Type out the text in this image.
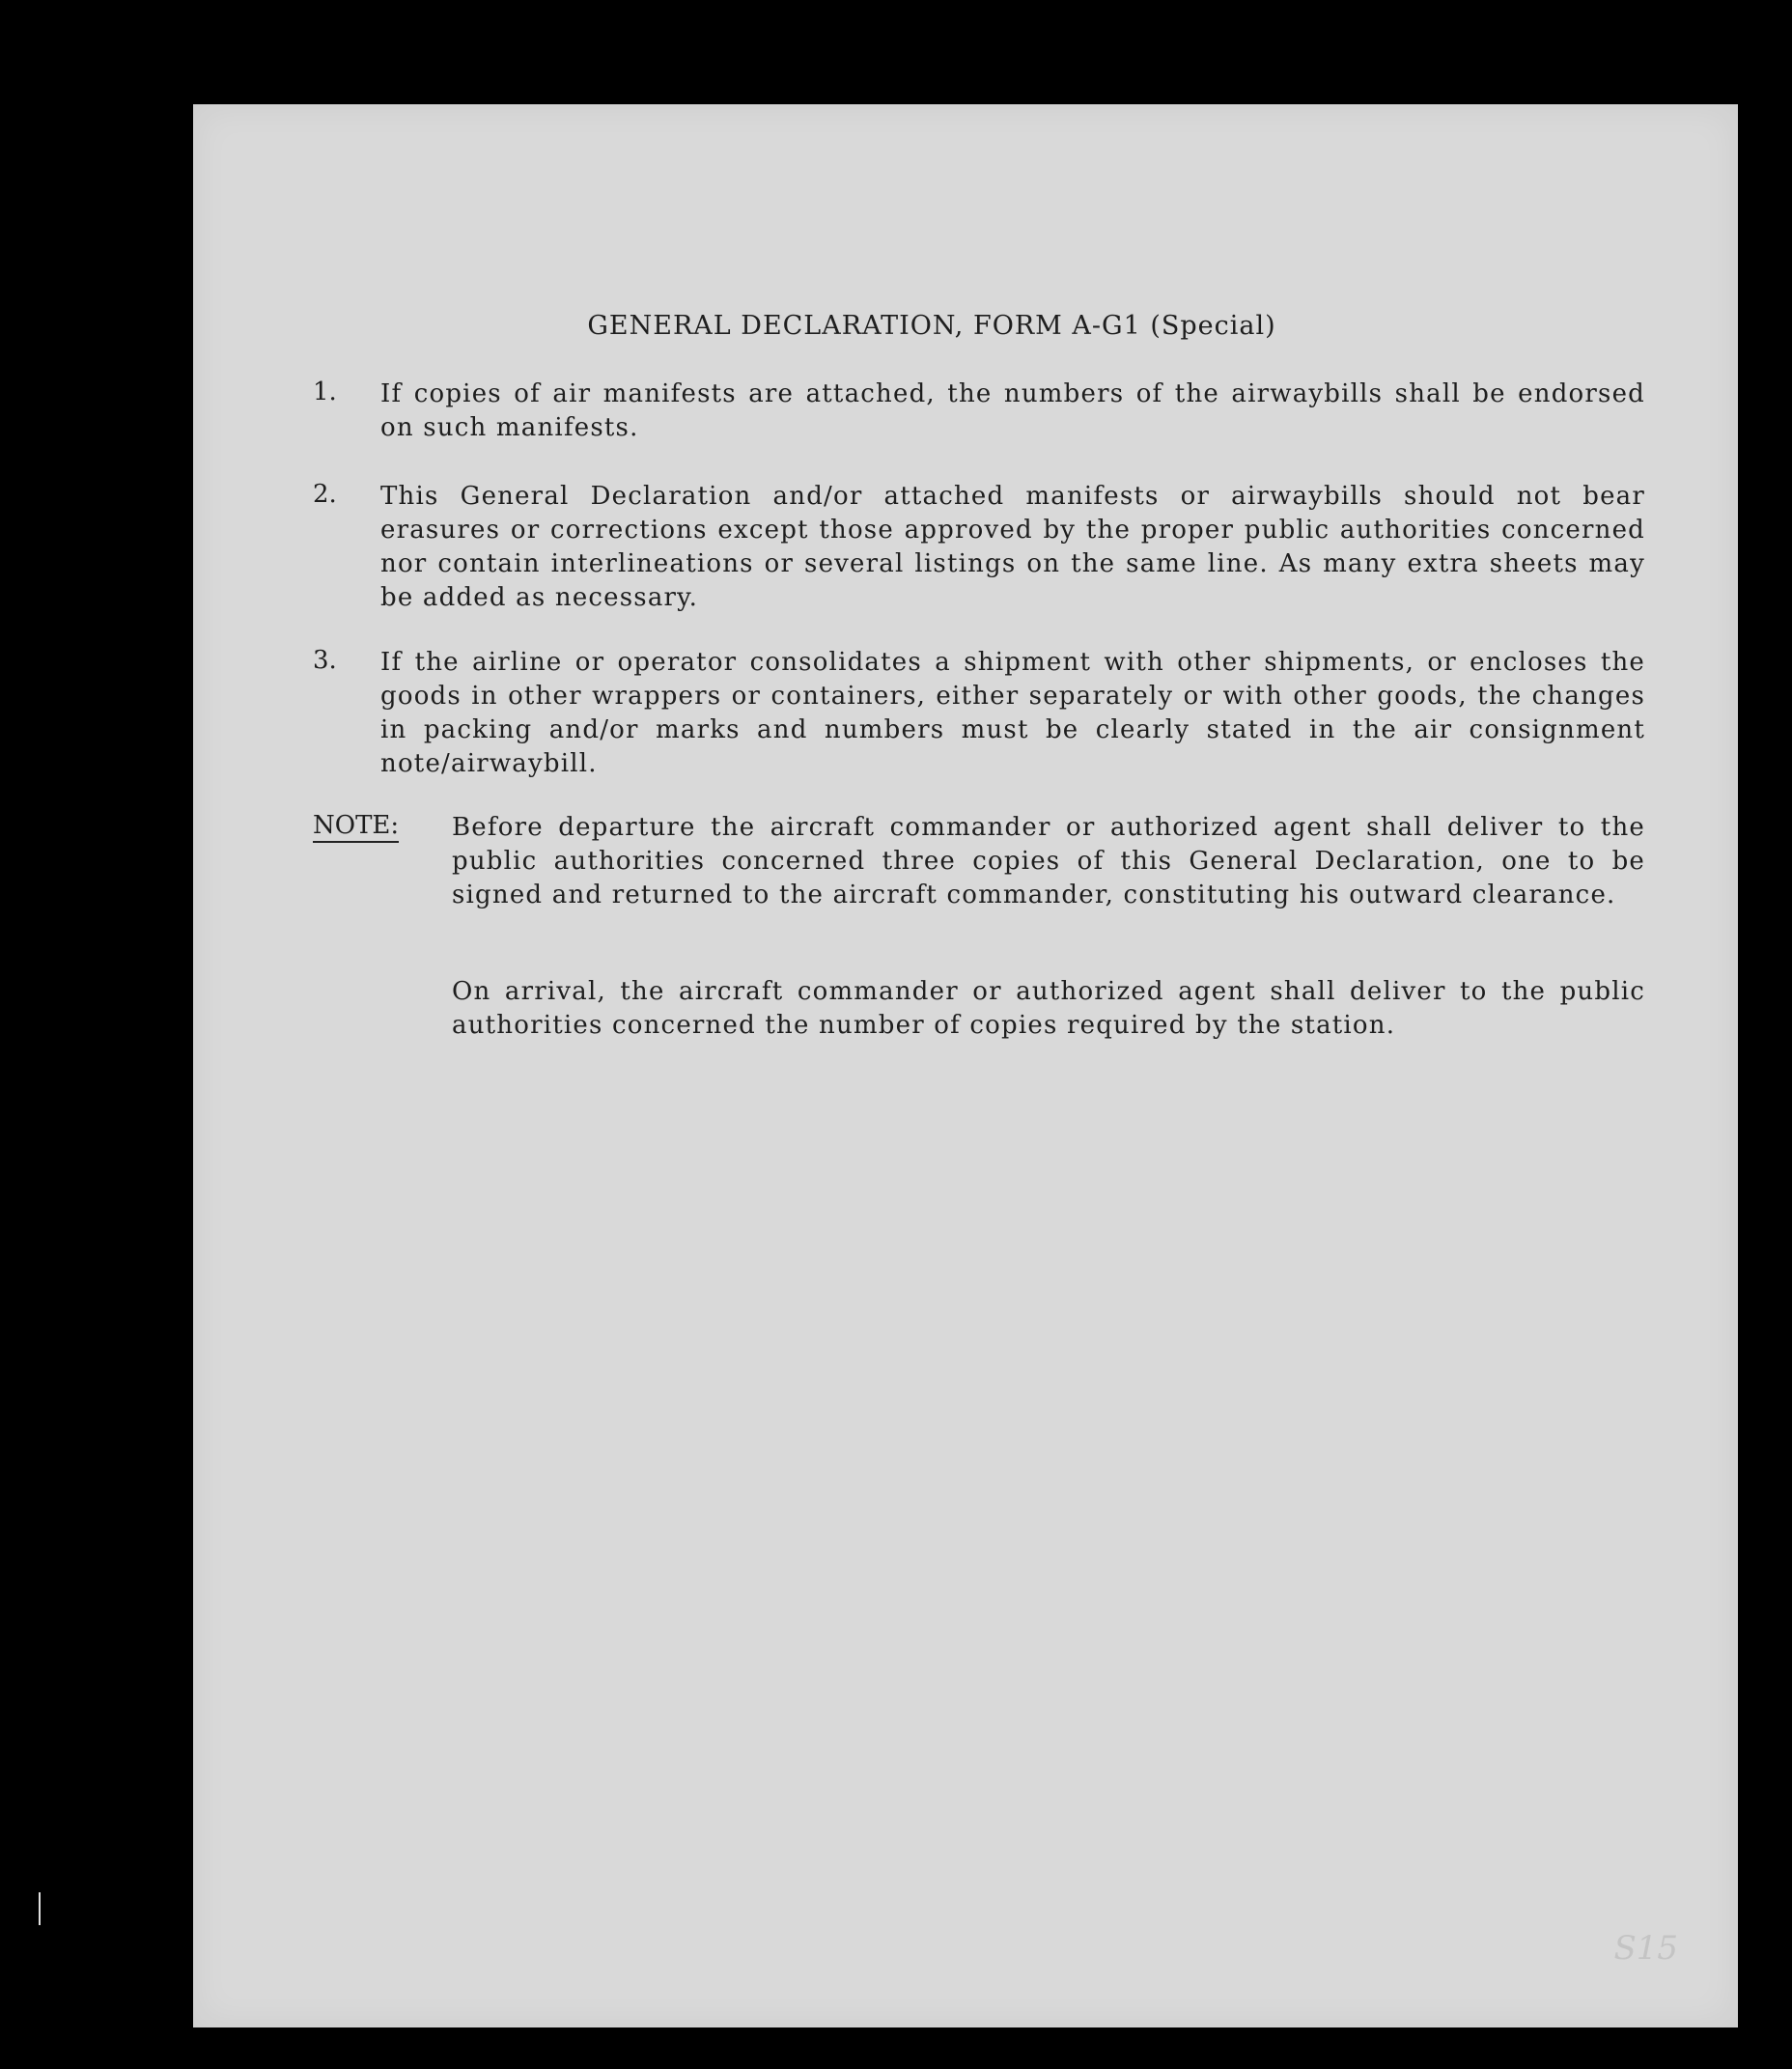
GENERAL DECLARATION, FORM A-G1 (Special)
1. If copies of air manifests are attached, the numbers of the airwaybills shall be endorsed on such manifests.
2. This General Declaration and/or attached manifests or airwaybills should not bear erasures or corrections except those approved by the proper public authorities concerned nor contain interlineations or several listings on the same line. As many extra sheets may be added as necessary.
3. If the airline or operator consolidates a shipment with other shipments, or encloses the goods in other wrappers or containers, either separately or with other goods, the changes in packing and/or marks and numbers must be clearly stated in the air consignment note/airwaybill.
NOTE: Before departure the aircraft commander or authorized agent shall deliver to the public authorities concerned three copies of this General Declaration, one to be signed and returned to the aircraft commander, constituting his outward clearance.
On arrival, the aircraft commander or authorized agent shall deliver to the public authorities concerned the number of copies required by the station.
S15
